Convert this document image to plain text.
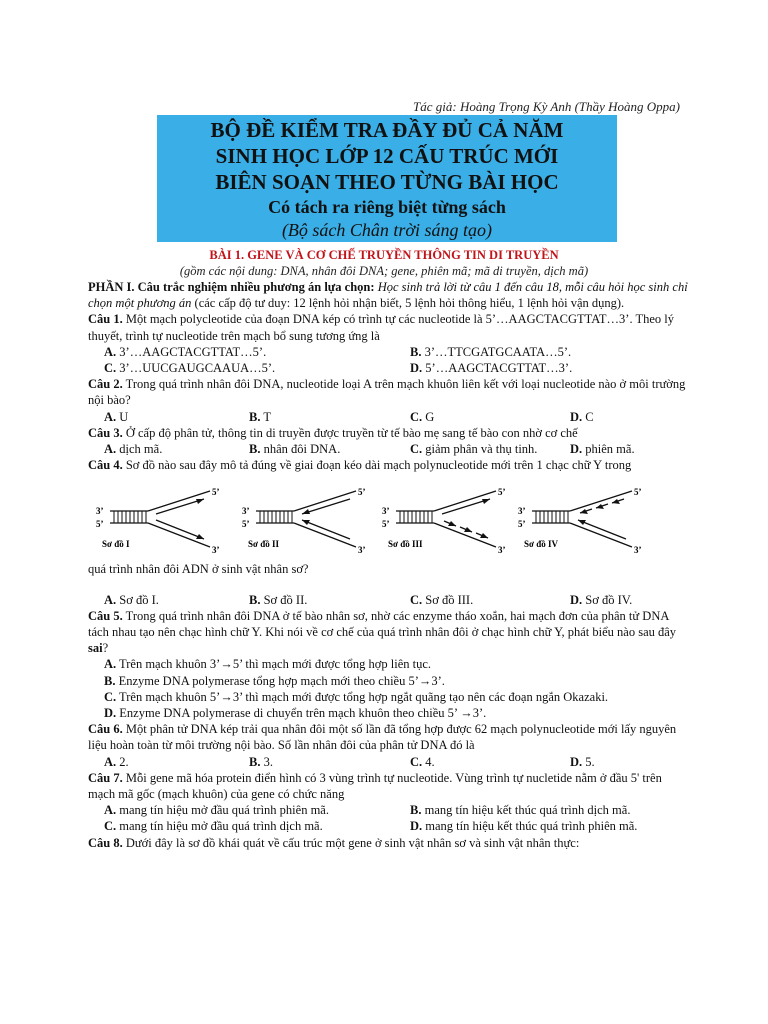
Tác giả: Hoàng Trọng Kỳ Anh (Thầy Hoàng Oppa)
BỘ ĐỀ KIỂM TRA ĐẦY ĐỦ CẢ NĂM
SINH HỌC LỚP 12 CẤU TRÚC MỚI
BIÊN SOẠN THEO TỪNG BÀI HỌC
Có tách ra riêng biệt từng sách
(Bộ sách Chân trời sáng tạo)
BÀI 1. GENE VÀ CƠ CHẾ TRUYỀN THÔNG TIN DI TRUYỀN
(gồm các nội dung: DNA, nhân đôi DNA; gene, phiên mã; mã di truyền, dịch mã)

PHẦN I. Câu trắc nghiệm nhiều phương án lựa chọn: Học sinh trả lời từ câu 1 đến câu 18, mỗi câu hỏi học sinh chỉ chọn một phương án (các cấp độ tư duy: 12 lệnh hỏi nhận biết, 5 lệnh hỏi thông hiểu, 1 lệnh hỏi vận dụng).

Câu 1. Một mạch polycleotide của đoạn DNA kép có trình tự các nucleotide là 5’…AAGCTACGTTAT…3’. Theo lý thuyết, trình tự nucleotide trên mạch bổ sung tương ứng là

A. 3’…AAGCTACGTTAT…5’.	B. 3’…TTCGATGCAATA…5’.
C. 3’…UUCGAUGCAAUA…5’.	D. 5’…AAGCTACGTTAT…3’.

Câu 2. Trong quá trình nhân đôi DNA, nucleotide loại A trên mạch khuôn liên kết với loại nucleotide nào ở môi trường nội bào?

A. U	B. T	C. G	D. C

Câu 3. Ở cấp độ phân tử, thông tin di truyền được truyền từ tế bào mẹ sang tế bào con nhờ cơ chế

A. dịch mã.	B. nhân đôi DNA.	C. giảm phân và thụ tinh.	D. phiên mã.

Câu 4. Sơ đồ nào sau đây mô tả đúng về giai đoạn kéo dài mạch polynucleotide mới trên 1 chạc chữ Y trong

3’
5’
5’
3’
Sơ đồ I
3’
5’
5’
3’
Sơ đồ II
3’
5’
5’
3’
Sơ đồ III
3’
5’
5’
3’
Sơ đồ IV

quá trình nhân đôi ADN ở sinh vật nhân sơ?

A. Sơ đồ I.	B. Sơ đồ II.	C. Sơ đồ III.	D. Sơ đồ IV.

Câu 5. Trong quá trình nhân đôi DNA ở tế bào nhân sơ, nhờ các enzyme tháo xoắn, hai mạch đơn của phân tử DNA tách nhau tạo nên chạc hình chữ Y. Khi nói về cơ chế của quá trình nhân đôi ở chạc hình chữ Y, phát biểu nào sau đây sai?

A. Trên mạch khuôn 3’→5’ thì mạch mới được tổng hợp liên tục.

B. Enzyme DNA polymerase tổng hợp mạch mới theo chiều 5’→3’.

C. Trên mạch khuôn 5’→3’ thì mạch mới được tổng hợp ngắt quãng tạo nên các đoạn ngắn Okazaki.

D. Enzyme DNA polymerase di chuyển trên mạch khuôn theo chiều 5’ →3’.

Câu 6. Một phân tử DNA kép trải qua nhân đôi một số lần đã tổng hợp được 62 mạch polynucleotide mới lấy nguyên liệu hoàn toàn từ môi trường nội bào. Số lần nhân đôi của phân tử DNA đó là

A. 2.	B. 3.	C. 4.	D. 5.

Câu 7. Mỗi gene mã hóa protein điển hình có 3 vùng trình tự nucleotide. Vùng trình tự nucletide nằm ở đầu 5' trên mạch mã gốc (mạch khuôn) của gene có chức năng

A. mang tín hiệu mở đầu quá trình phiên mã.	B. mang tín hiệu kết thúc quá trình dịch mã.
C. mang tín hiệu mở đầu quá trình dịch mã.	D. mang tín hiệu kết thúc quá trình phiên mã.

Câu 8. Dưới đây là sơ đồ khái quát về cấu trúc một gene ở sinh vật nhân sơ và sinh vật nhân thực:
